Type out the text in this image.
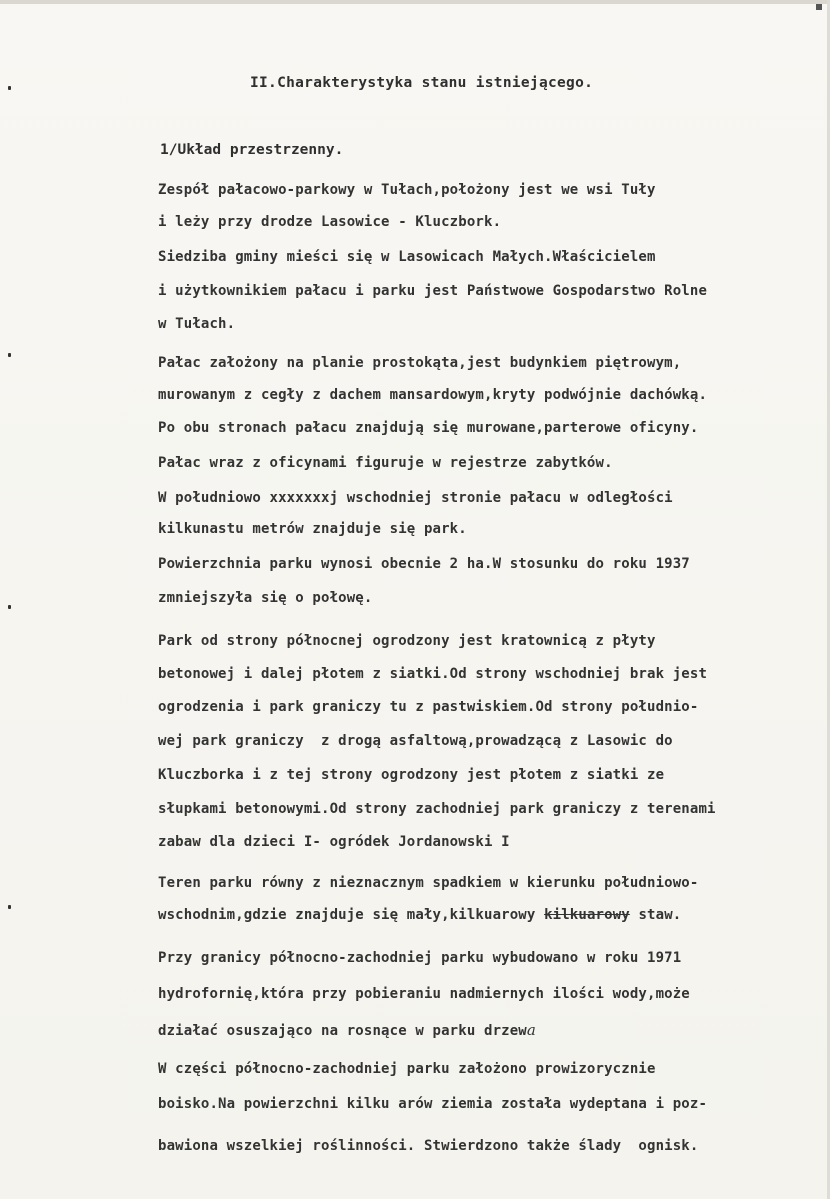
II.Charakterystyka stanu istniejącego.
1/Układ przestrzenny.
Zespół pałacowo-parkowy w Tułach,położony jest we wsi Tuły
i leży przy drodze Lasowice - Kluczbork.
Siedziba gminy mieści się w Lasowicach Małych.Właścicielem
i użytkownikiem pałacu i parku jest Państwowe Gospodarstwo Rolne
w Tułach.
Pałac założony na planie prostokąta,jest budynkiem piętrowym,
murowanym z cegły z dachem mansardowym,kryty podwójnie dachówką.
Po obu stronach pałacu znajdują się murowane,parterowe oficyny.
Pałac wraz z oficynami figuruje w rejestrze zabytków.
W południowo xxxxxxxj wschodniej stronie pałacu w odległości
kilkunastu metrów znajduje się park.
Powierzchnia parku wynosi obecnie 2 ha.W stosunku do roku 1937
zmniejszyła się o połowę.
Park od strony północnej ogrodzony jest kratownicą z płyty
betonowej i dalej płotem z siatki.Od strony wschodniej brak jest
ogrodzenia i park graniczy tu z pastwiskiem.Od strony południo-
wej park graniczy  z drogą asfaltową,prowadzącą z Lasowic do
Kluczborka i z tej strony ogrodzony jest płotem z siatki ze
słupkami betonowymi.Od strony zachodniej park graniczy z terenami
zabaw dla dzieci I- ogródek Jordanowski I
Teren parku równy z nieznacznym spadkiem w kierunku południowo-
wschodnim,gdzie znajduje się mały,kilkuarowy kilkuarowy staw.
Przy granicy północno-zachodniej parku wybudowano w roku 1971
hydrofornię,która przy pobieraniu nadmiernych ilości wody,może
działać osuszająco na rosnące w parku drzewa
W części północno-zachodniej parku założono prowizorycznie
boisko.Na powierzchni kilku arów ziemia została wydeptana i poz-
bawiona wszelkiej roślinności. Stwierdzono także ślady  ognisk.
